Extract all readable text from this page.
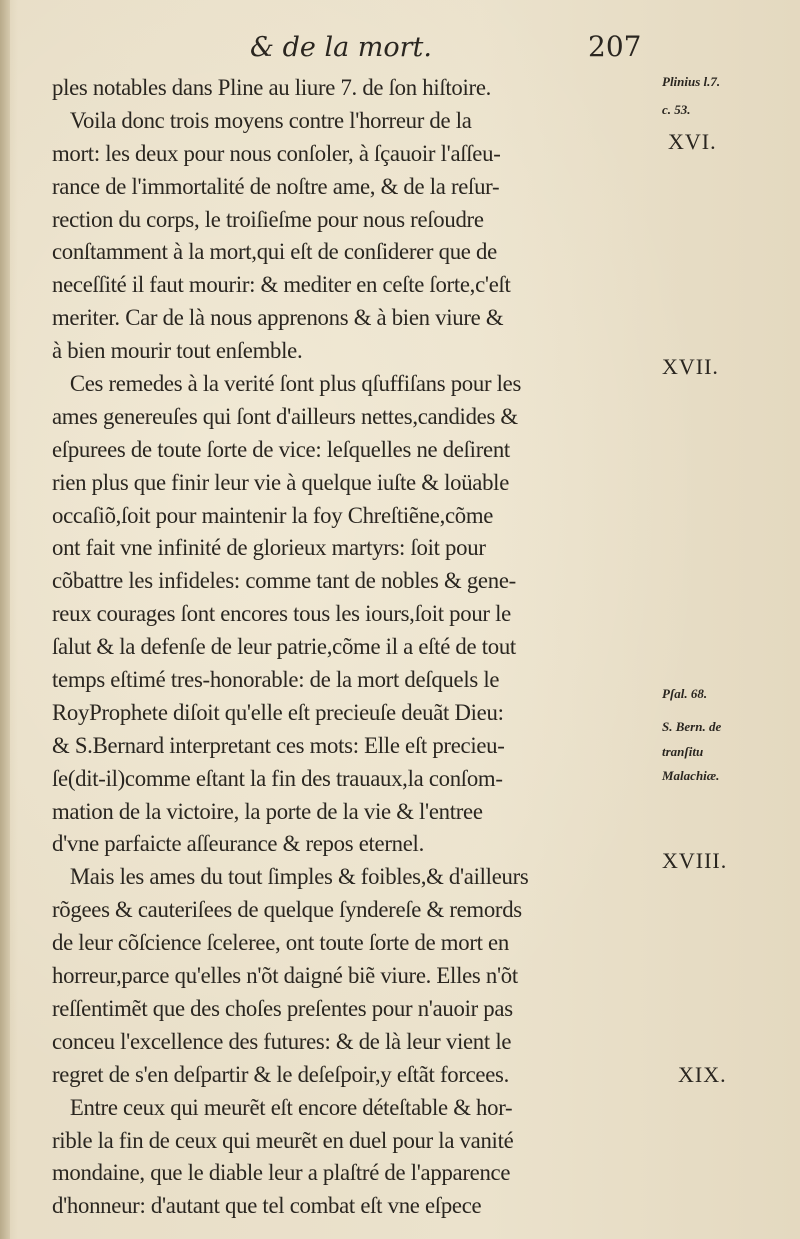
& de la mort.	207
ples notables dans Pline au liure 7. de ſon hiſtoire.
Voila donc trois moyens contre l'horreur de la
mort: les deux pour nous conſoler, à ſçauoir l'aſſeu-
rance de l'immortalité de noſtre ame, & de la reſur-
rection du corps, le troiſieſme pour nous reſoudre
conſtamment à la mort,qui eſt de conſiderer que de
neceſſité il faut mourir: & mediter en ceſte ſorte,c'eſt
meriter. Car de là nous apprenons & à bien viure &
à bien mourir tout enſemble.
Ces remedes à la verité ſont plus qſuffiſans pour les
ames genereuſes qui ſont d'ailleurs nettes,candides &
eſpurees de toute ſorte de vice: leſquelles ne deſirent
rien plus que finir leur vie à quelque iuſte & loüable
occaſiõ,ſoit pour maintenir la foy Chreſtiẽne,cõme
ont fait vne infinité de glorieux martyrs: ſoit pour
cõbattre les infideles: comme tant de nobles & gene-
reux courages ſont encores tous les iours,ſoit pour le
ſalut & la defenſe de leur patrie,cõme il a eſté de tout
temps eſtimé tres-honorable: de la mort deſquels le
RoyProphete diſoit qu'elle eſt precieuſe deuãt Dieu:
& S.Bernard interpretant ces mots: Elle eſt precieu-
ſe(dit-il)comme eſtant la fin des trauaux,la conſom-
mation de la victoire, la porte de la vie & l'entree
d'vne parfaicte aſſeurance & repos eternel.
Mais les ames du tout ſimples & foibles,& d'ailleurs
rõgees & cauteriſees de quelque ſyndereſe & remords
de leur cõſcience ſceleree, ont toute ſorte de mort en
horreur,parce qu'elles n'õt daigné biẽ viure. Elles n'õt
reſſentimẽt que des choſes preſentes pour n'auoir pas
conceu l'excellence des futures: & de là leur vient le
regret de s'en deſpartir & le deſeſpoir,y eſtãt forcees.
Entre ceux qui meurẽt eſt encore déteſtable & hor-
rible la fin de ceux qui meurẽt en duel pour la vanité
mondaine, que le diable leur a plaſtré de l'apparence
d'honneur: d'autant que tel combat eſt vne eſpece
Plinius l.7.
c. 53.
XVI.
XVII.
Pſal. 68.
S. Bern. de
tranſitu
Malachiæ.
XVIII.
XIX.
